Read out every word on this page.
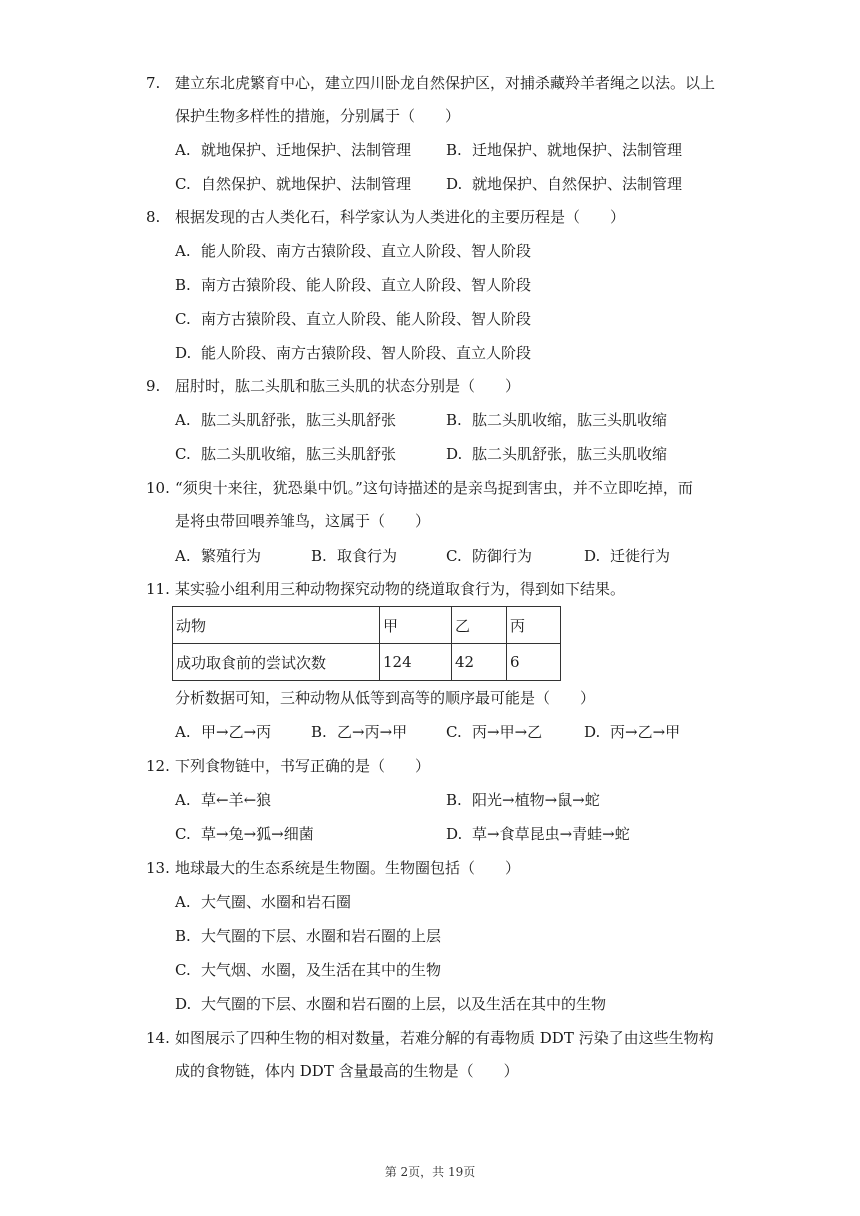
7. 建立东北虎繁育中心，建立四川卧龙自然保护区，对捕杀藏羚羊者绳之以法。以上
保护生物多样性的措施，分别属于（　　）
A. 就地保护、迁地保护、法制管理 B. 迁地保护、就地保护、法制管理
C. 自然保护、就地保护、法制管理 D. 就地保护、自然保护、法制管理
8. 根据发现的古人类化石，科学家认为人类进化的主要历程是（　　）
A. 能人阶段、南方古猿阶段、直立人阶段、智人阶段
B. 南方古猿阶段、能人阶段、直立人阶段、智人阶段
C. 南方古猿阶段、直立人阶段、能人阶段、智人阶段
D. 能人阶段、南方古猿阶段、智人阶段、直立人阶段
9. 屈肘时，肱二头肌和肱三头肌的状态分别是（　　）
A. 肱二头肌舒张，肱三头肌舒张	B. 肱二头肌收缩，肱三头肌收缩
C. 肱二头肌收缩，肱三头肌舒张	D. 肱二头肌舒张，肱三头肌收缩
10. “须臾十来往，犹恐巢中饥。”这句诗描述的是亲鸟捉到害虫，并不立即吃掉，而
是将虫带回喂养雏鸟，这属于（　　）
A. 繁殖行为	B. 取食行为	C. 防御行为	D. 迁徙行为
11. 某实验小组利用三种动物探究动物的绕道取食行为，得到如下结果。
动物	甲	乙	丙
成功取食前的尝试次数	124	42	6
分析数据可知，三种动物从低等到高等的顺序最可能是（　　）
A. 甲→乙→丙	B. 乙→丙→甲	C. 丙→甲→乙	D. 丙→乙→甲
12. 下列食物链中，书写正确的是（　　）
A. 草←羊←狼	B. 阳光→植物→鼠→蛇
C. 草→兔→狐→细菌	D. 草→食草昆虫→青蛙→蛇
13. 地球最大的生态系统是生物圈。生物圈包括（　　）
A. 大气圈、水圈和岩石圈
B. 大气圈的下层、水圈和岩石圈的上层
C. 大气烟、水圈，及生活在其中的生物
D. 大气圈的下层、水圈和岩石圈的上层，以及生活在其中的生物
14. 如图展示了四种生物的相对数量，若难分解的有毒物质 DDT 污染了由这些生物构
成的食物链，体内 DDT 含量最高的生物是（　　）
第 2页，共 19页
